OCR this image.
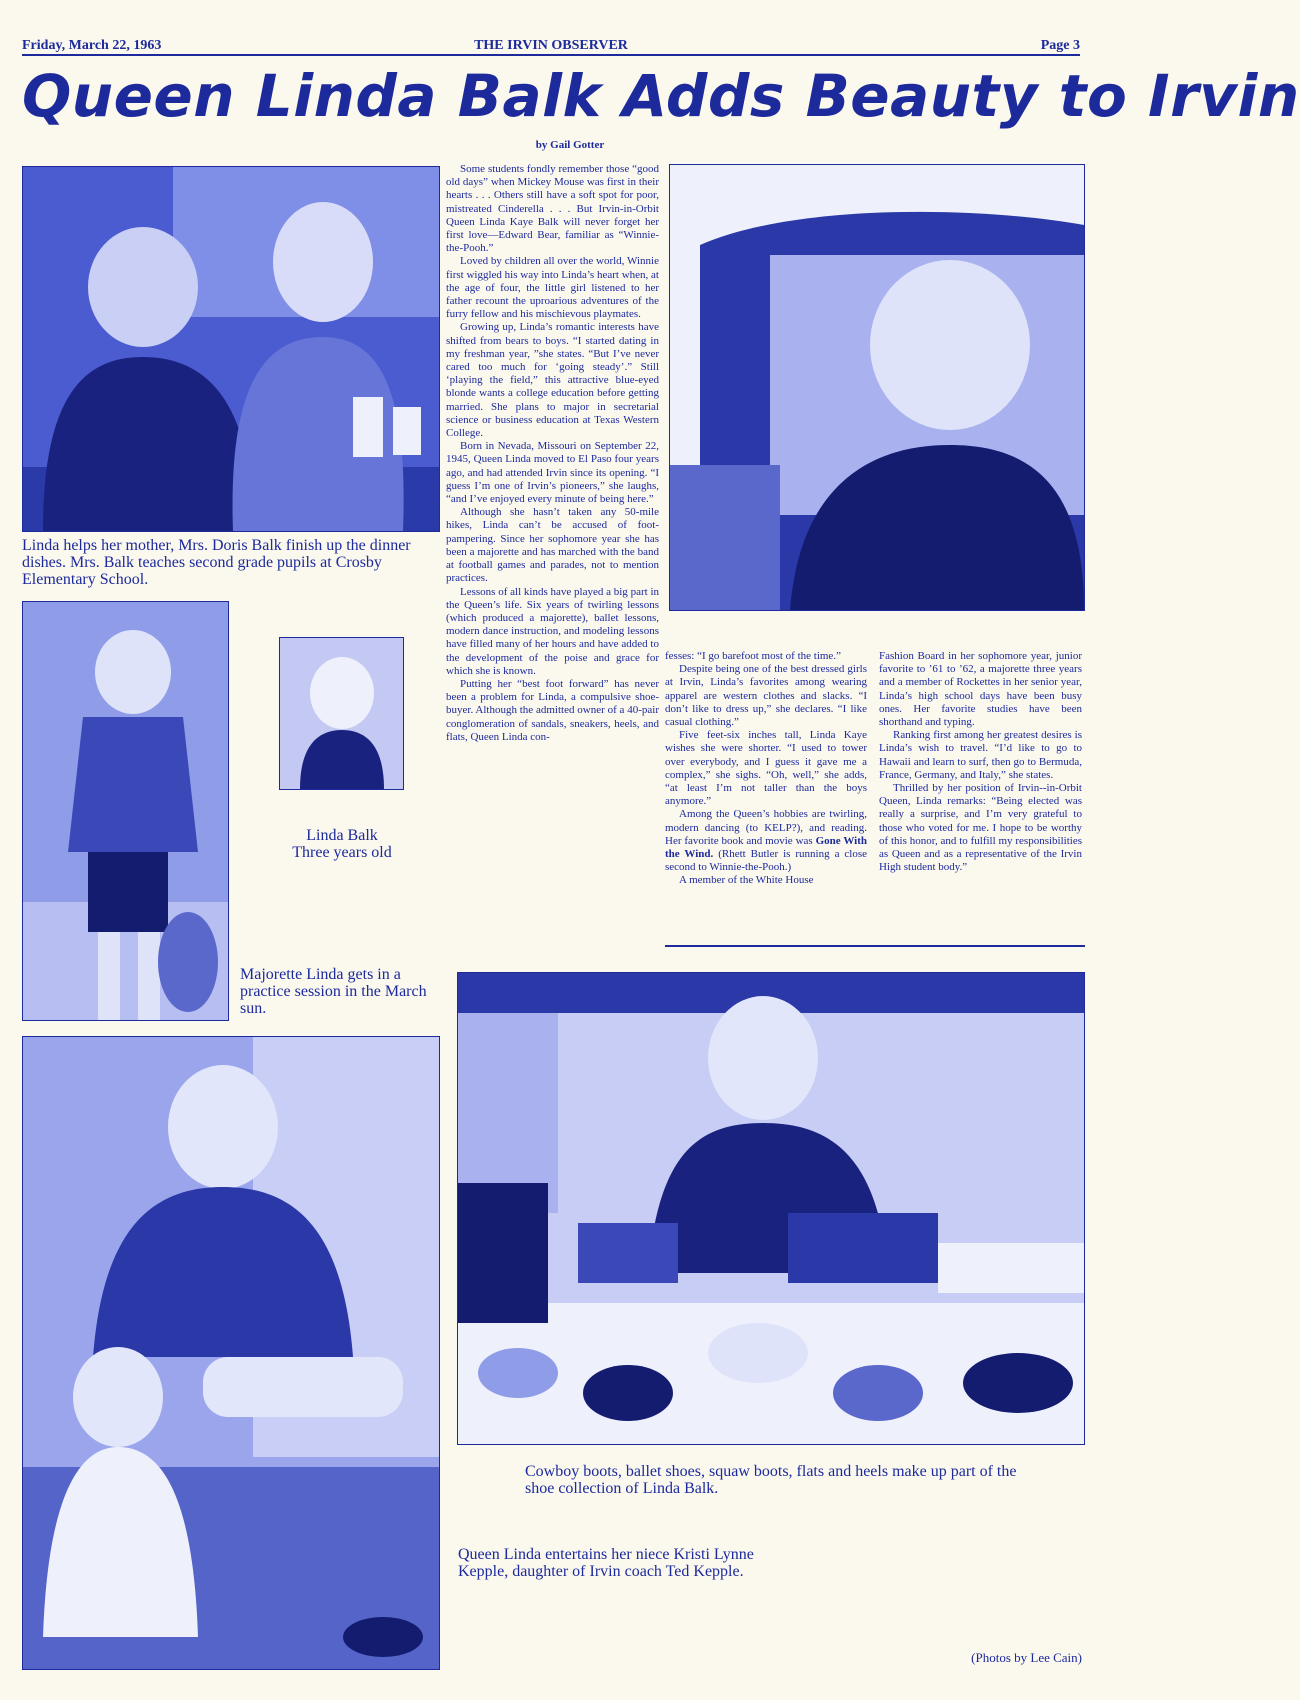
Friday, March 22, 1963	THE IRVIN OBSERVER	Page 3
Queen Linda Balk Adds Beauty to Irvin
by Gail Gotter
Linda helps her mother, Mrs. Doris Balk finish up the dinner dishes. Mrs. Balk teaches second grade pupils at Crosby Elementary School.
Linda Balk
Three years old
Majorette Linda gets in a practice session in the March sun.
Queen Linda entertains her niece Kristi Lynne Kepple, daughter of Irvin coach Ted Kepple.

Some students fondly remember those “good old days” when Mickey Mouse was first in their hearts . . . Others still have a soft spot for poor, mistreated Cinderella . . . But Irvin-in-Orbit Queen Linda Kaye Balk will never forget her first love—Edward Bear, familiar as “Winnie-the-Pooh.”

Loved by children all over the world, Winnie first wiggled his way into Linda’s heart when, at the age of four, the little girl listened to her father recount the uproarious adventures of the furry fellow and his mischievous playmates.

Growing up, Linda’s romantic interests have shifted from bears to boys. “I started dating in my freshman year, ”she states. “But I’ve never cared too much for ‘going steady’.” Still ‘playing the field,” this attractive blue-eyed blonde wants a college education before getting married. She plans to major in secretarial science or business education at Texas Western College.

Born in Nevada, Missouri on September 22, 1945, Queen Linda moved to El Paso four years ago, and had attended Irvin since its opening. “I guess I’m one of Irvin’s pioneers,” she laughs, “and I’ve enjoyed every minute of being here.”

Although she hasn’t taken any 50-mile hikes, Linda can’t be accused of foot-pampering. Since her sophomore year she has been a majorette and has marched with the band at football games and parades, not to mention practices.

Lessons of all kinds have played a big part in the Queen’s life. Six years of twirling lessons (which produced a majorette), ballet lessons, modern dance instruction, and modeling lessons have filled many of her hours and have added to the development of the poise and grace for which she is known.

Putting her “best foot forward” has never been a problem for Linda, a compulsive shoe-buyer. Although the admitted owner of a 40-pair conglomeration of sandals, sneakers, heels, and flats, Queen Linda con-

fesses: “I go barefoot most of the time.”

Despite being one of the best dressed girls at Irvin, Linda’s favorites among wearing apparel are western clothes and slacks. “I don’t like to dress up,” she declares. “I like casual clothing.”

Five feet-six inches tall, Linda Kaye wishes she were shorter. “I used to tower over everybody, and I guess it gave me a complex,” she sighs. “Oh, well,” she adds, “at least I’m not taller than the boys anymore.”

Among the Queen’s hobbies are twirling, modern dancing (to KELP?), and reading. Her favorite book and movie was Gone With the Wind. (Rhett Butler is running a close second to Winnie-the-Pooh.)

A member of the White House

Fashion Board in her sophomore year, junior favorite to ’61 to ’62, a majorette three years and a member of Rockettes in her senior year, Linda’s high school days have been busy ones. Her favorite studies have been shorthand and typing.

Ranking first among her greatest desires is Linda’s wish to travel. “I’d like to go to Hawaii and learn to surf, then go to Bermuda, France, Germany, and Italy,” she states.

Thrilled by her position of Irvin--in-Orbit Queen, Linda remarks: “Being elected was really a surprise, and I’m very grateful to those who voted for me. I hope to be worthy of this honor, and to fulfill my responsibilities as Queen and as a representative of the Irvin High student body.”

Cowboy boots, ballet shoes, squaw boots, flats and heels make up part of the shoe collection of Linda Balk.
(Photos by Lee Cain)
